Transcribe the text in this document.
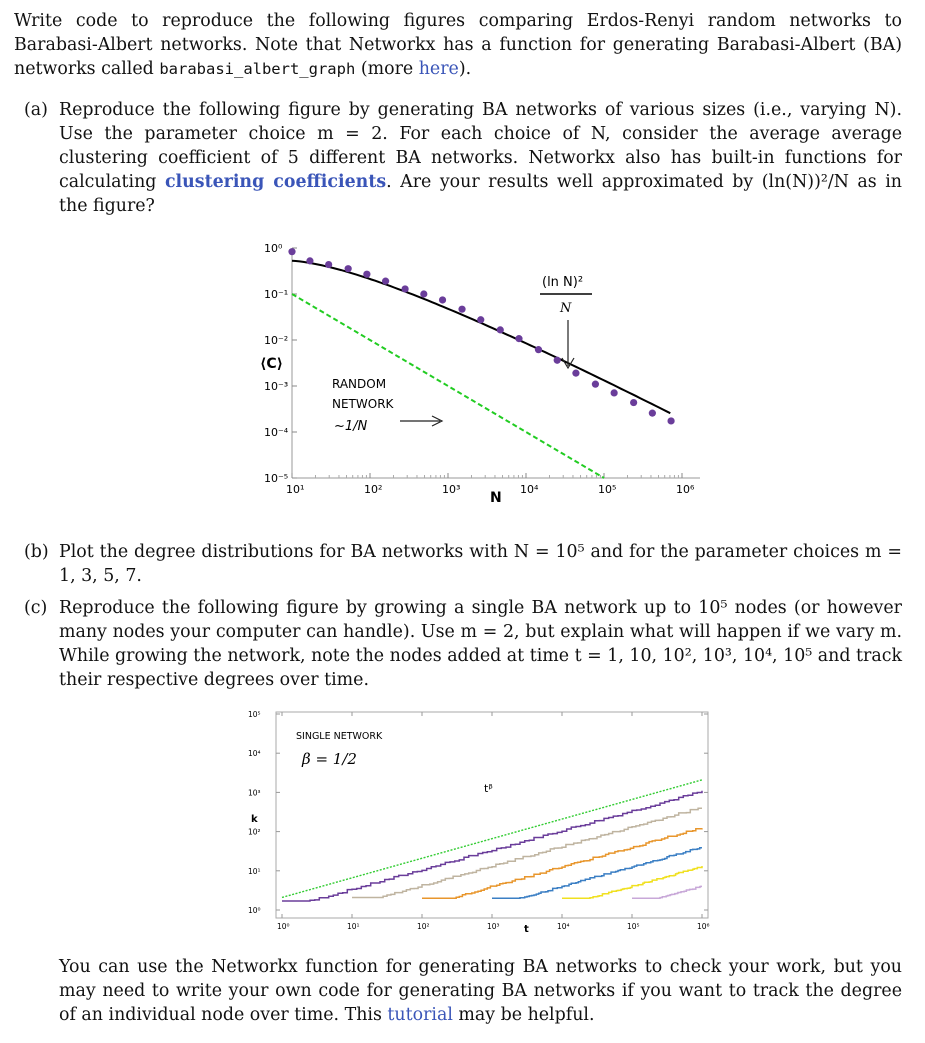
Write code to reproduce the following figures comparing Erdos-Renyi random networks to Barabasi-Albert networks. Note that Networkx has a function for generating Barabasi-Albert (BA) networks called barabasi_albert_graph (more here).

(a) Reproduce the following figure by generating BA networks of various sizes (i.e., varying N). Use the parameter choice m = 2. For each choice of N, consider the average average clustering coefficient of 5 different BA networks. Networkx also has built-in functions for calculating clustering coefficients. Are your results well approximated by (ln(N))²/N as in the figure?

10¹	10²	10³	10⁴	10⁵	10⁶
10⁰
10⁻¹
10⁻²
10⁻³
10⁻⁴
10⁻⁵
⟨C⟩
N
RANDOM
NETWORK
~1/N
(ln N)²
N
(b) Plot the degree distributions for BA networks with N = 10⁵ and for the parameter choices m = 1, 3, 5, 7.

(c) Reproduce the following figure by growing a single BA network up to 10⁵ nodes (or however many nodes your computer can handle). Use m = 2, but explain what will happen if we vary m. While growing the network, note the nodes added at time t = 1, 10, 10², 10³, 10⁴, 10⁵ and track their respective degrees over time.

10⁰	10¹	10²	10³	10⁴	10⁵	10⁶
10⁰
10¹
10²
10³
10⁴
10⁵
SINGLE NETWORK
β = 1/2
tᵝ
k
t

You can use the Networkx function for generating BA networks to check your work, but you may need to write your own code for generating BA networks if you want to track the degree of an individual node over time. This tutorial may be helpful.
